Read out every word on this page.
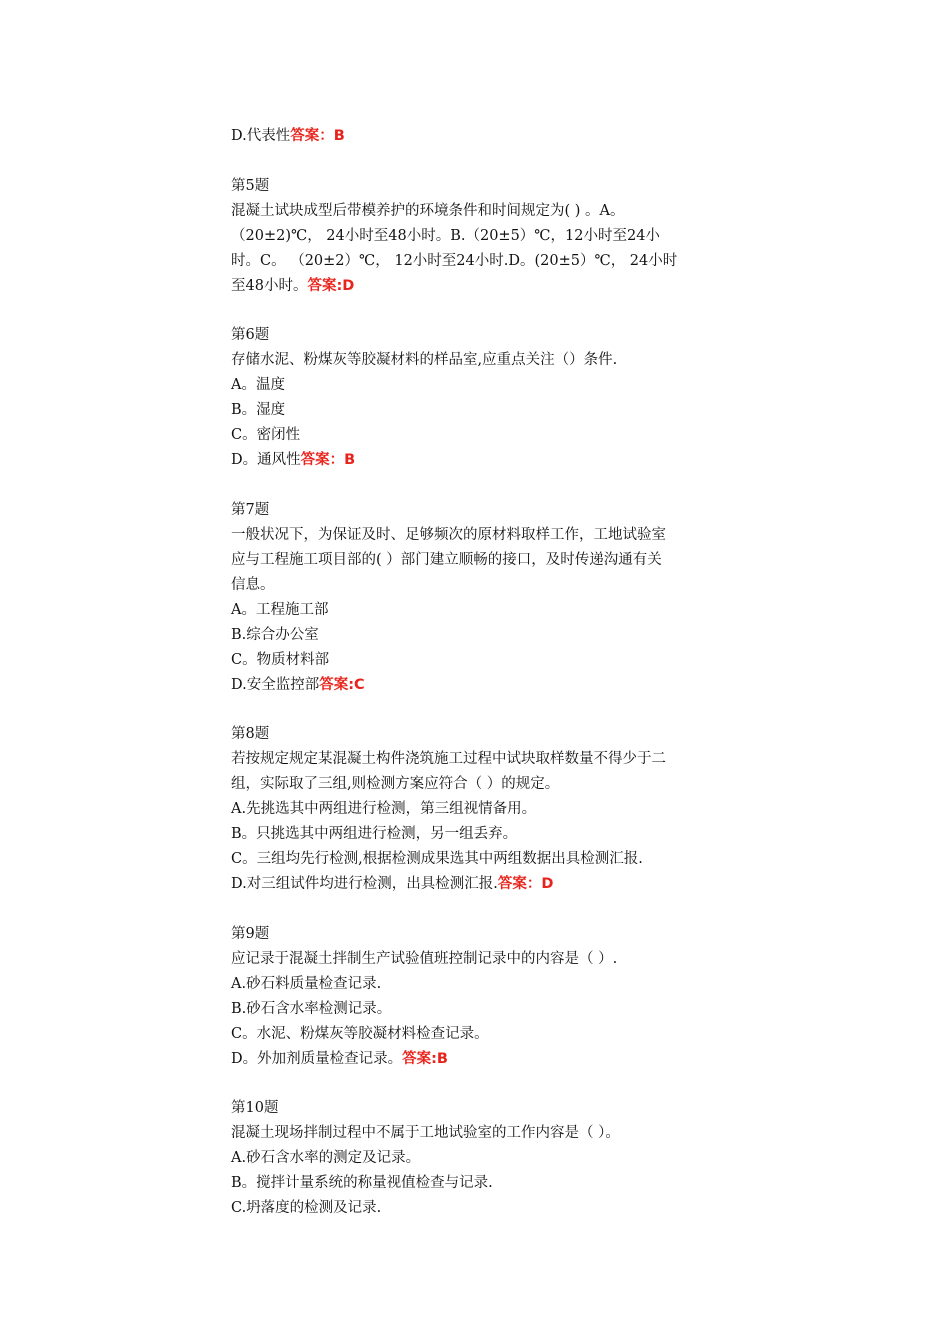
D.代表性答案：B
第5题
混凝土试块成型后带模养护的环境条件和时间规定为( ) 。A。
（20±2)℃， 24小时至48小时。B.（20±5）℃，12小时至24小
时。C。 （20±2）℃， 12小时至24小时.D。(20±5）℃， 24小时
至48小时。答案:D
第6题
存储水泥、粉煤灰等胶凝材料的样品室,应重点关注（）条件.
A。温度
B。湿度
C。密闭性
D。通风性答案：B
第7题
一般状况下，为保证及时、足够频次的原材料取样工作，工地试验室
应与工程施工项目部的( ）部门建立顺畅的接口，及时传递沟通有关
信息。
A。工程施工部
B.综合办公室
C。物质材料部
D.安全监控部答案:C
第8题
若按规定规定某混凝土构件浇筑施工过程中试块取样数量不得少于二
组，实际取了三组,则检测方案应符合（ ）的规定。
A.先挑选其中两组进行检测，第三组视情备用。
B。只挑选其中两组进行检测，另一组丢弃。
C。三组均先行检测,根据检测成果选其中两组数据出具检测汇报.
D.对三组试件均进行检测，出具检测汇报.答案：D
第9题
应记录于混凝土拌制生产试验值班控制记录中的内容是（ ）.
A.砂石料质量检查记录.
B.砂石含水率检测记录。
C。水泥、粉煤灰等胶凝材料检查记录。
D。外加剂质量检查记录。答案:B
第10题
混凝土现场拌制过程中不属于工地试验室的工作内容是（ ）。
A.砂石含水率的测定及记录。
B。搅拌计量系统的称量视值检查与记录.
C.坍落度的检测及记录.
